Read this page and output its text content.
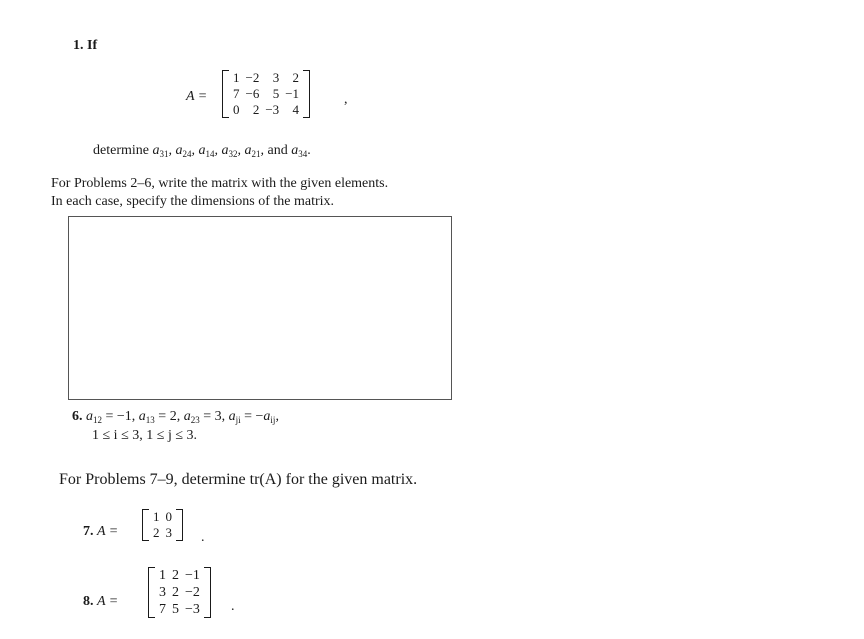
1. If
A =
1	−2	3	2
7	−6	5	−1
0	2	−3	4
,
determine $a_{31}$, $a_{24}$, $a_{14}$, $a_{32}$, $a_{21}$, and $a_{34}$.
For Problems 2–6, write the matrix with the given elements.
In each case, specify the dimensions of the matrix.
6. $a_{12} = -1$, $a_{13} = 2$, $a_{23} = 3$, $a_{ji} = -a_{ij}$,
1 ≤ i ≤ 3, 1 ≤ j ≤ 3.
For Problems 7–9, determine tr(A) for the given matrix.
7. A =
1	0
2	3 .
8. A =
1	2	−1
3	2	−2
7	5	−3 .
